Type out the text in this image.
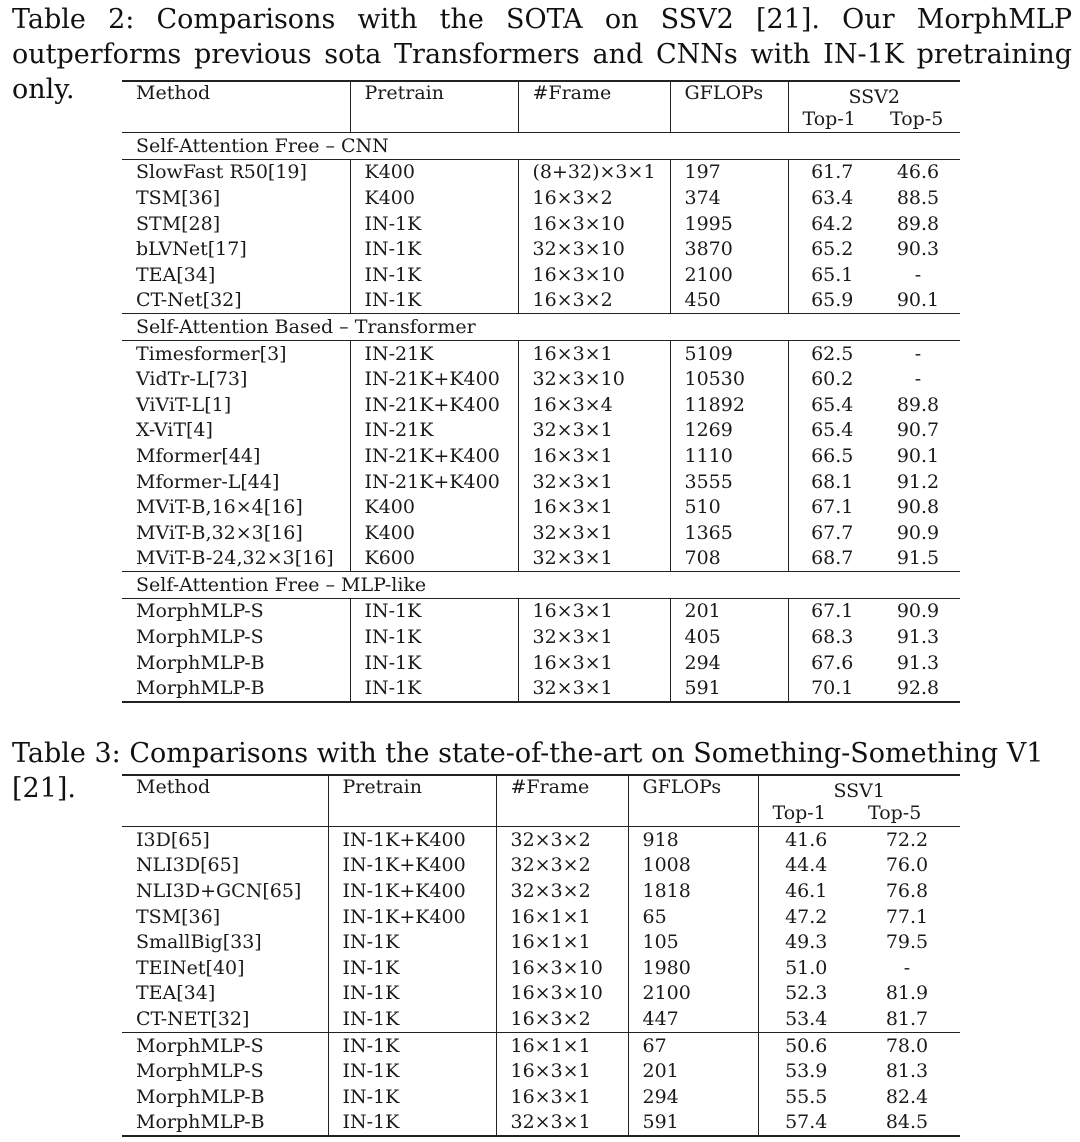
Table 2: Comparisons with the SOTA on SSV2 [21]. Our MorphMLP outperforms previous sota Transformers and CNNs with IN-1K pretraining only.	Method	Pretrain	#Frame	GFLOPs	SSV2	
				Top-1	Top-5
Self-Attention Free – CNN					
SlowFast R50[19]	K400	(8+32)×3×1	197	61.7	46.6
TSM[36]	K400	16×3×2	374	63.4	88.5
STM[28]	IN-1K	16×3×10	1995	64.2	89.8
bLVNet[17]	IN-1K	32×3×10	3870	65.2	90.3
TEA[34]	IN-1K	16×3×10	2100	65.1	-
CT-Net[32]	IN-1K	16×3×2	450	65.9	90.1
Self-Attention Based – Transformer					
Timesformer[3]	IN-21K	16×3×1	5109	62.5	-
VidTr-L[73]	IN-21K+K400	32×3×10	10530	60.2	-
ViViT-L[1]	IN-21K+K400	16×3×4	11892	65.4	89.8
X-ViT[4]	IN-21K	32×3×1	1269	65.4	90.7
Mformer[44]	IN-21K+K400	16×3×1	1110	66.5	90.1
Mformer-L[44]	IN-21K+K400	32×3×1	3555	68.1	91.2
MViT-B,16×4[16]	K400	16×3×1	510	67.1	90.8
MViT-B,32×3[16]	K400	32×3×1	1365	67.7	90.9
MViT-B-24,32×3[16]	K600	32×3×1	708	68.7	91.5
Self-Attention Free – MLP-like					
MorphMLP-S	IN-1K	16×3×1	201	67.1	90.9
MorphMLP-S	IN-1K	32×3×1	405	68.3	91.3
MorphMLP-B	IN-1K	16×3×1	294	67.6	91.3
MorphMLP-B	IN-1K	32×3×1	591	70.1	92.8
Table 3: Comparisons with the state-of-the-art on Something-Something V1 [21].	Method	Pretrain	#Frame	GFLOPs	SSV1	
				Top-1	Top-5
I3D[65]	IN-1K+K400	32×3×2	918	41.6	72.2
NLI3D[65]	IN-1K+K400	32×3×2	1008	44.4	76.0
NLI3D+GCN[65]	IN-1K+K400	32×3×2	1818	46.1	76.8
TSM[36]	IN-1K+K400	16×1×1	65	47.2	77.1
SmallBig[33]	IN-1K	16×1×1	105	49.3	79.5
TEINet[40]	IN-1K	16×3×10	1980	51.0	-
TEA[34]	IN-1K	16×3×10	2100	52.3	81.9
CT-NET[32]	IN-1K	16×3×2	447	53.4	81.7
MorphMLP-S	IN-1K	16×1×1	67	50.6	78.0
MorphMLP-S	IN-1K	16×3×1	201	53.9	81.3
MorphMLP-B	IN-1K	16×3×1	294	55.5	82.4
MorphMLP-B	IN-1K	32×3×1	591	57.4	84.5
